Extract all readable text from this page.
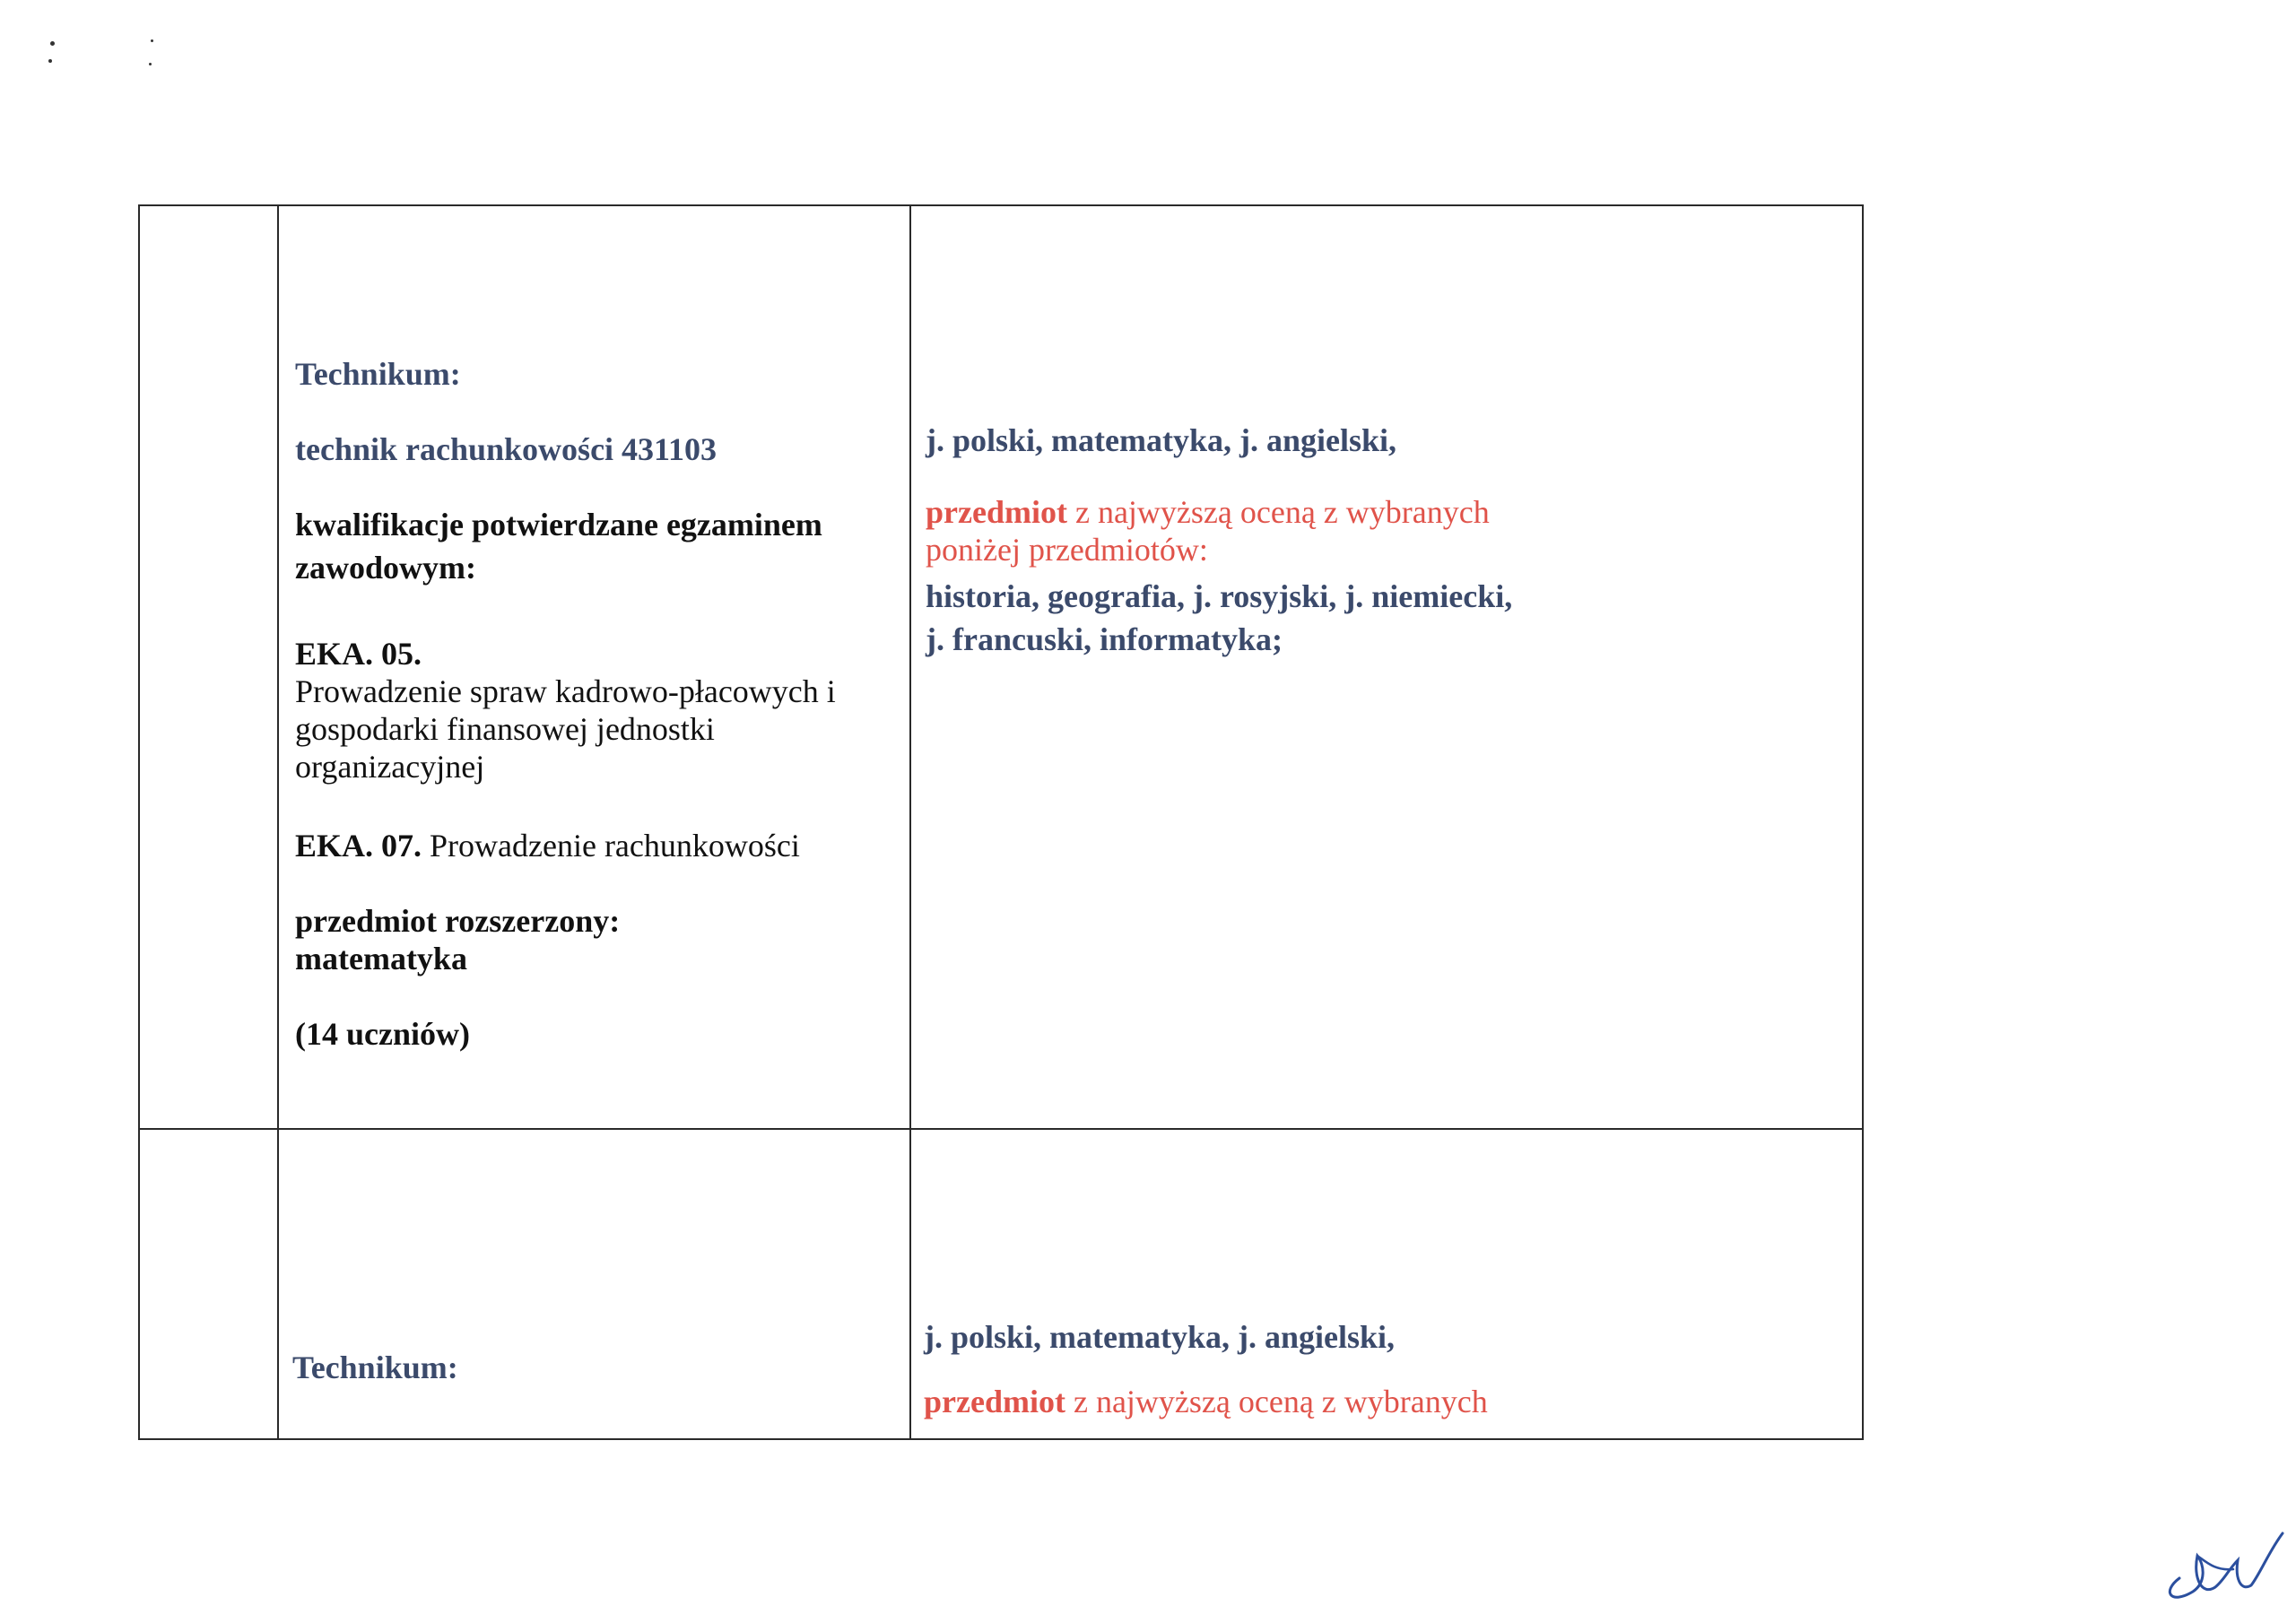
Technikum:

technik rachunkowości 431103

kwalifikacje potwierdzane egzaminem

zawodowym:

EKA. 05.

Prowadzenie spraw kadrowo-płacowych i

gospodarki finansowej jednostki

organizacyjnej

EKA. 07. Prowadzenie rachunkowości

przedmiot rozszerzony:

matematyka

(14 uczniów)

j. polski, matematyka, j. angielski,

przedmiot z najwyższą oceną z wybranych

poniżej przedmiotów:

historia, geografia, j. rosyjski, j. niemiecki,

j. francuski, informatyka;

Technikum:

j. polski, matematyka, j. angielski,

przedmiot z najwyższą oceną z wybranych
